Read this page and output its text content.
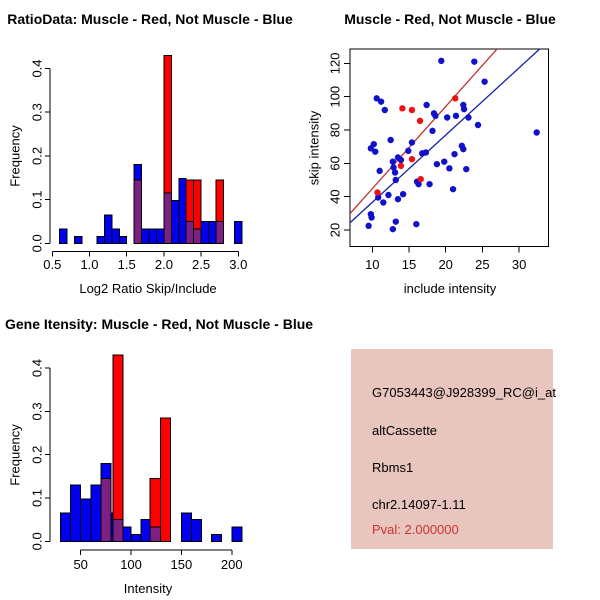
0.0
0.1
0.2
0.3
0.4
0.5 1.0 1.5 2.0 2.5 3.0
RatioData: Muscle - Red, Not Muscle - Blue
Log2 Ratio Skip/Include
Frequency
10 15 20 25 30
20
40
60
80
100
120
Muscle - Red, Not Muscle - Blue
include intensity
skip intensity
0.0
0.1
0.2
0.3
0.4
50 100 150 200
Gene Itensity: Muscle - Red, Not Muscle - Blue
Intensity
Frequency
G7053443@J928399_RC@i_at
altCassette
Rbms1
chr2.14097-1.11
Pval: 2.000000
